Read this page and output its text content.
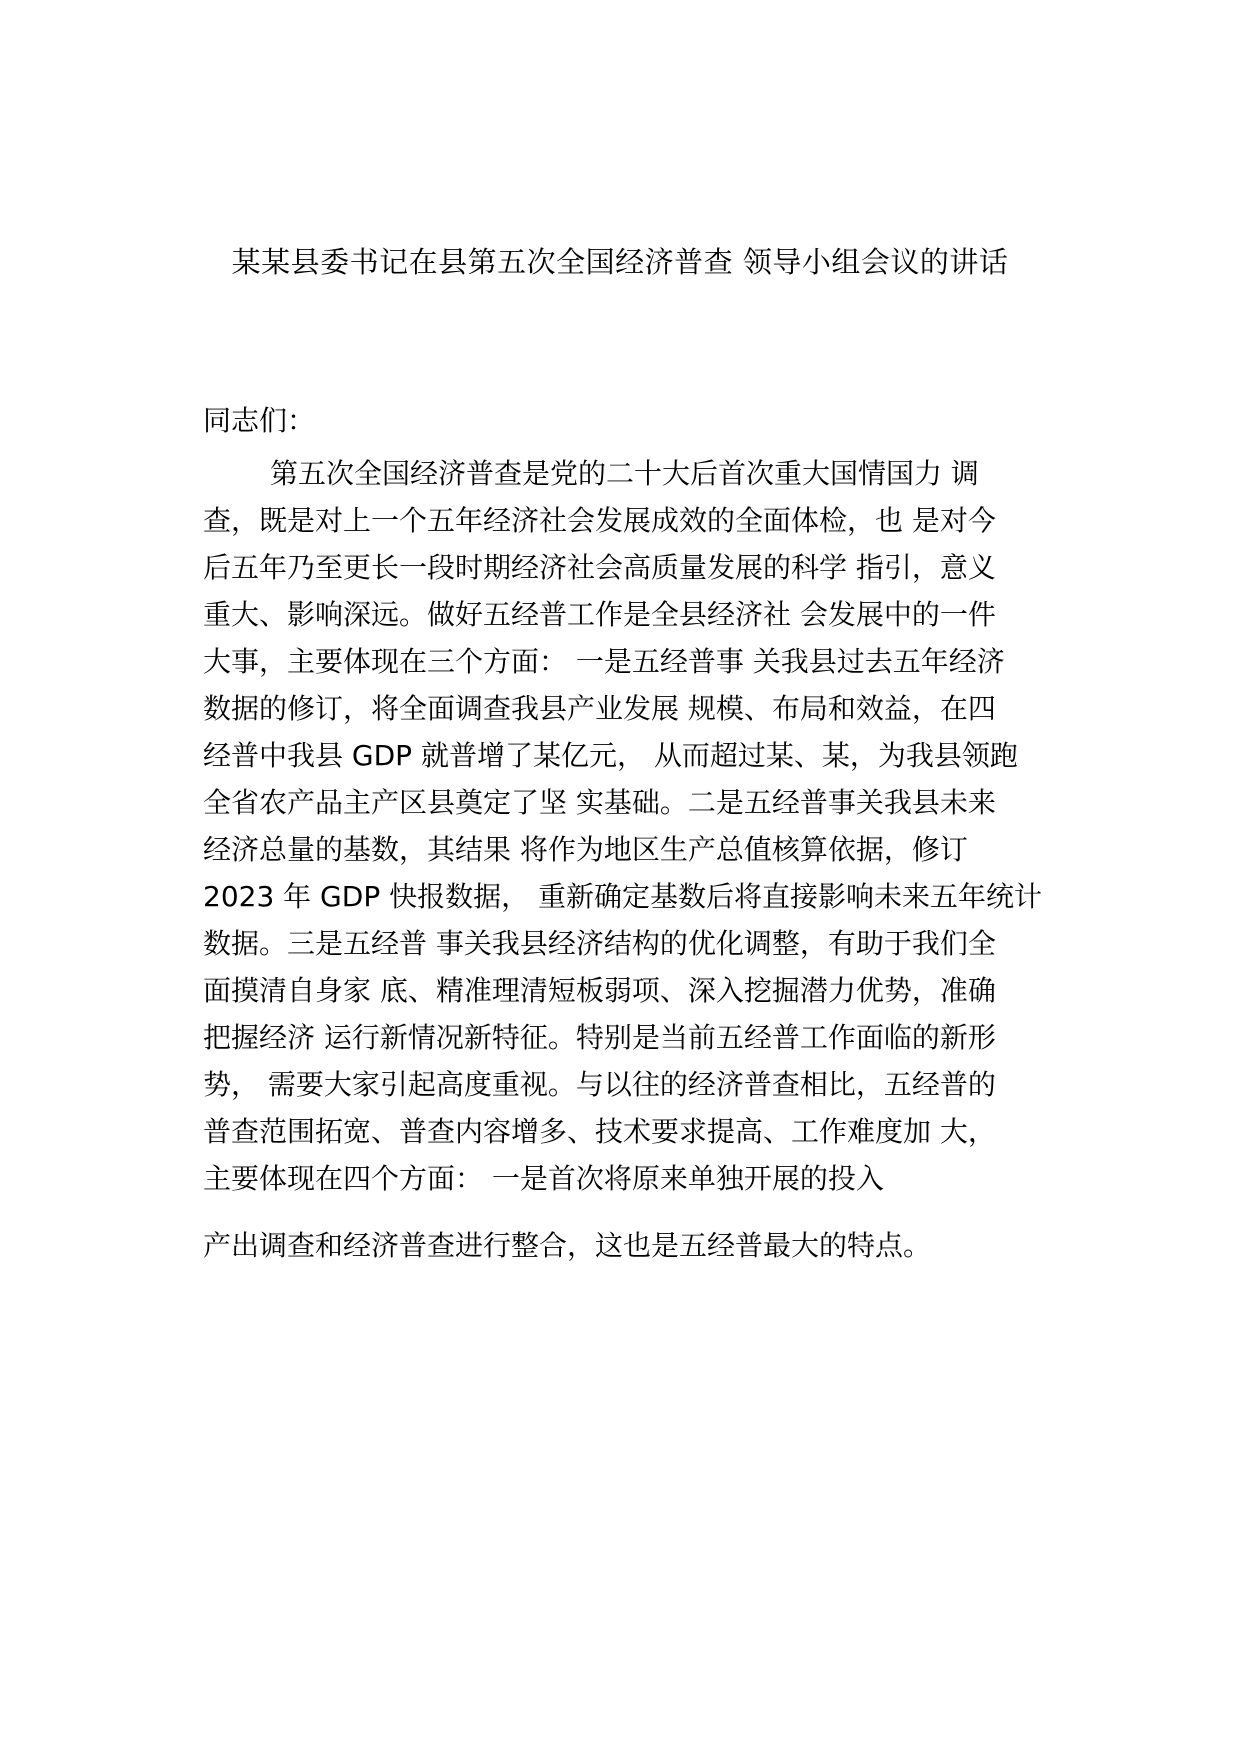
某某县委书记在县第五次全国经济普查 领导小组会议的讲话
同志们：
第五次全国经济普查是党的二十大后首次重大国情国力 调
查，既是对上一个五年经济社会发展成效的全面体检，也 是对今
后五年乃至更长一段时期经济社会高质量发展的科学 指引，意义
重大、影响深远。做好五经普工作是全县经济社 会发展中的一件
大事，主要体现在三个方面： 一是五经普事 关我县过去五年经济
数据的修订，将全面调查我县产业发展 规模、布局和效益，在四
经普中我县 GDP 就普增了某亿元， 从而超过某、某，为我县领跑
全省农产品主产区县奠定了坚 实基础。二是五经普事关我县未来
经济总量的基数，其结果 将作为地区生产总值核算依据，修订
2023 年 GDP 快报数据， 重新确定基数后将直接影响未来五年统计
数据。三是五经普 事关我县经济结构的优化调整，有助于我们全
面摸清自身家 底、精准理清短板弱项、深入挖掘潜力优势，准确
把握经济 运行新情况新特征。特别是当前五经普工作面临的新形
势， 需要大家引起高度重视。与以往的经济普查相比，五经普的
普查范围拓宽、普查内容增多、技术要求提高、工作难度加 大，
主要体现在四个方面： 一是首次将原来单独开展的投入
产出调查和经济普查进行整合，这也是五经普最大的特点。
